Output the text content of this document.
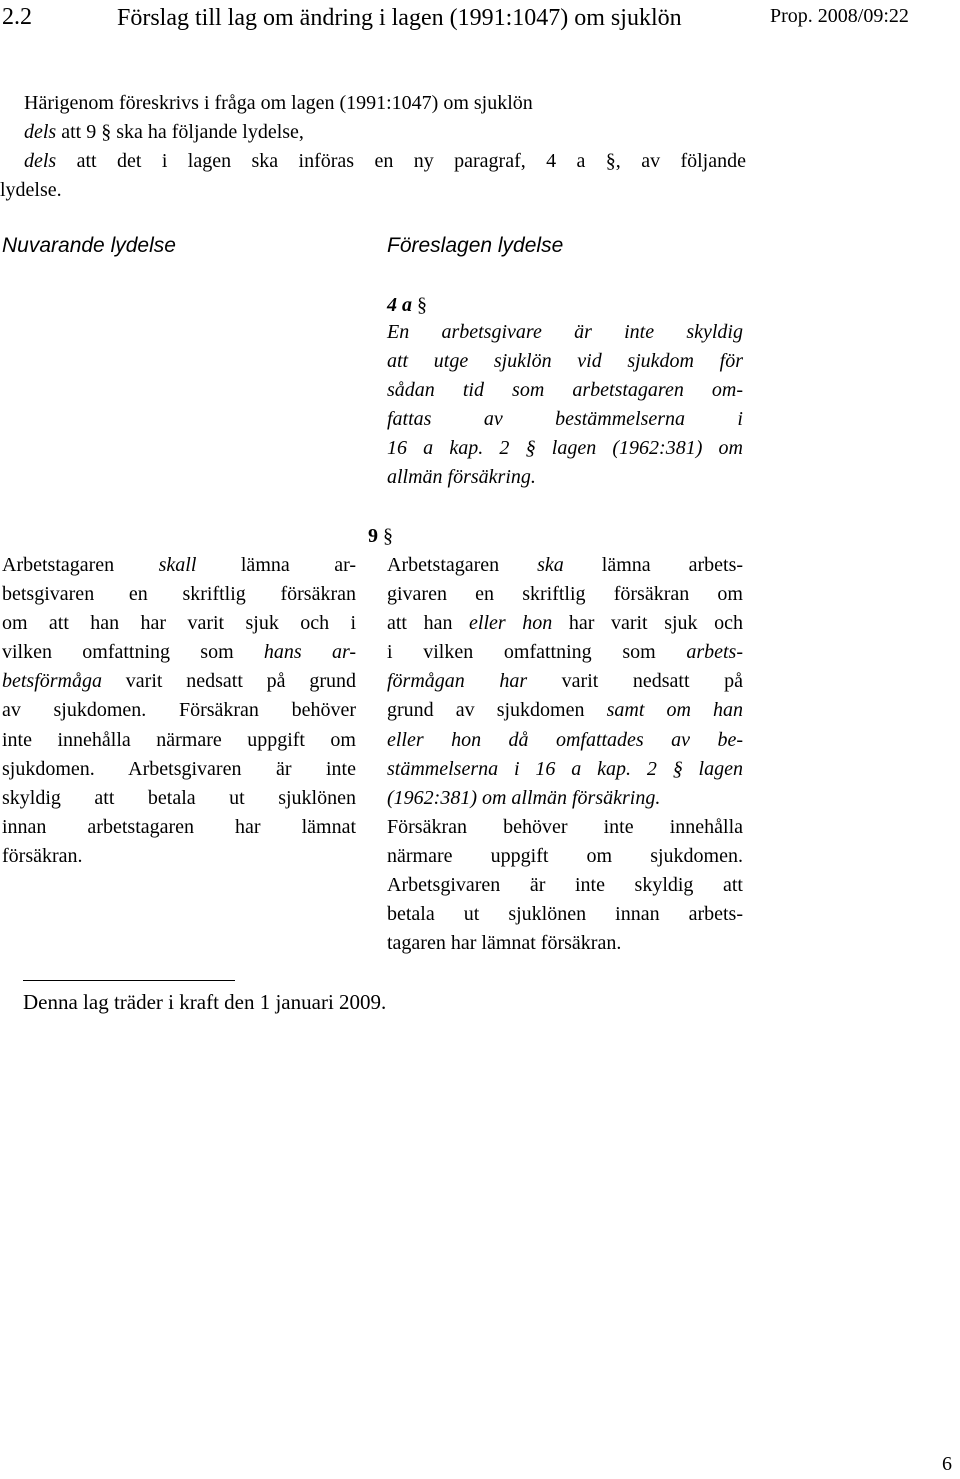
2.2	Förslag till lag om ändring i lagen (1991:1047) om sjuklön	Prop. 2008/09:22
Härigenom föreskrivs i fråga om lagen (1991:1047) om sjuklön
dels att 9 § ska ha följande lydelse,
dels att det i lagen ska införas en ny paragraf, 4 a §, av följande
lydelse.
Nuvarande lydelse	Föreslagen lydelse
4 a §
En arbetsgivare är inte skyldig
att utge sjuklön vid sjukdom för
sådan tid som arbetstagaren om-
fattas av bestämmelserna i
16 a kap. 2 § lagen (1962:381) om
allmän försäkring.
9 §
Arbetstagaren skall lämna ar-
betsgivaren en skriftlig försäkran
om att han har varit sjuk och i
vilken omfattning som hans ar-
betsförmåga varit nedsatt på grund
av sjukdomen. Försäkran behöver
inte innehålla närmare uppgift om
sjukdomen. Arbetsgivaren är inte
skyldig att betala ut sjuklönen
innan arbetstagaren har lämnat
försäkran.
Arbetstagaren ska lämna arbets-
givaren en skriftlig försäkran om
att han eller hon har varit sjuk och
i vilken omfattning som arbets-
förmågan har varit nedsatt på
grund av sjukdomen samt om han
eller hon då omfattades av be-
stämmelserna i 16 a kap. 2 § lagen
(1962:381) om allmän försäkring.
Försäkran behöver inte innehålla
närmare uppgift om sjukdomen.
Arbetsgivaren är inte skyldig att
betala ut sjuklönen innan arbets-
tagaren har lämnat försäkran.
Denna lag träder i kraft den 1 januari 2009.
6
